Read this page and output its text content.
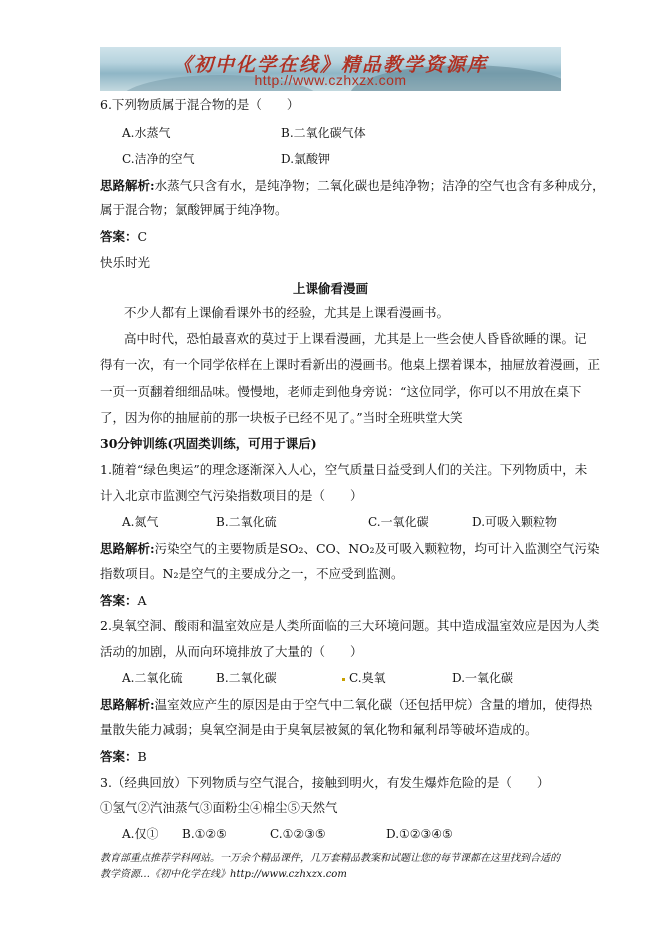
《初中化学在线》精品教学资源库
http://www.czhxzx.com
6.下列物质属于混合物的是（　　）
A.水蒸气	B.二氧化碳气体
C.洁净的空气	D.氯酸钾
思路解析:水蒸气只含有水，是纯净物；二氧化碳也是纯净物；洁净的空气也含有多种成分，
属于混合物；氯酸钾属于纯净物。
答案：C
快乐时光
上课偷看漫画
不少人都有上课偷看课外书的经验，尤其是上课看漫画书。
高中时代，恐怕最喜欢的莫过于上课看漫画，尤其是上一些会使人昏昏欲睡的课。记
得有一次，有一个同学依样在上课时看新出的漫画书。他桌上摆着课本，抽屉放着漫画，正
一页一页翻着细细品味。慢慢地，老师走到他身旁说：“这位同学，你可以不用放在桌下
了，因为你的抽屉前的那一块板子已经不见了。”当时全班哄堂大笑
30分钟训练(巩固类训练，可用于课后)
1.随着“绿色奥运”的理念逐渐深入人心，空气质量日益受到人们的关注。下列物质中，未
计入北京市监测空气污染指数项目的是（　　）
A.氮气	B.二氧化硫	C.一氧化碳	D.可吸入颗粒物
思路解析:污染空气的主要物质是SO₂、CO、NO₂及可吸入颗粒物，均可计入监测空气污染
指数项目。N₂是空气的主要成分之一，不应受到监测。
答案：A
2.臭氧空洞、酸雨和温室效应是人类所面临的三大环境问题。其中造成温室效应是因为人类
活动的加剧，从而向环境排放了大量的（　　）
A.二氧化硫	B.二氧化碳	C.臭氧	D.一氧化碳
思路解析:温室效应产生的原因是由于空气中二氧化碳（还包括甲烷）含量的增加，使得热
量散失能力减弱；臭氧空洞是由于臭氧层被氮的氧化物和氟利昂等破坏造成的。
答案：B
3.（经典回放）下列物质与空气混合，接触到明火，有发生爆炸危险的是（　　）
①氢气②汽油蒸气③面粉尘④棉尘⑤天然气
A.仅① B.①②⑤	C.①②③⑤	D.①②③④⑤
教育部重点推荐学科网站。一万余个精品课件，几万套精品教案和试题让您的每节课都在这里找到合适的
教学资源…《初中化学在线》http://www.czhxzx.com
